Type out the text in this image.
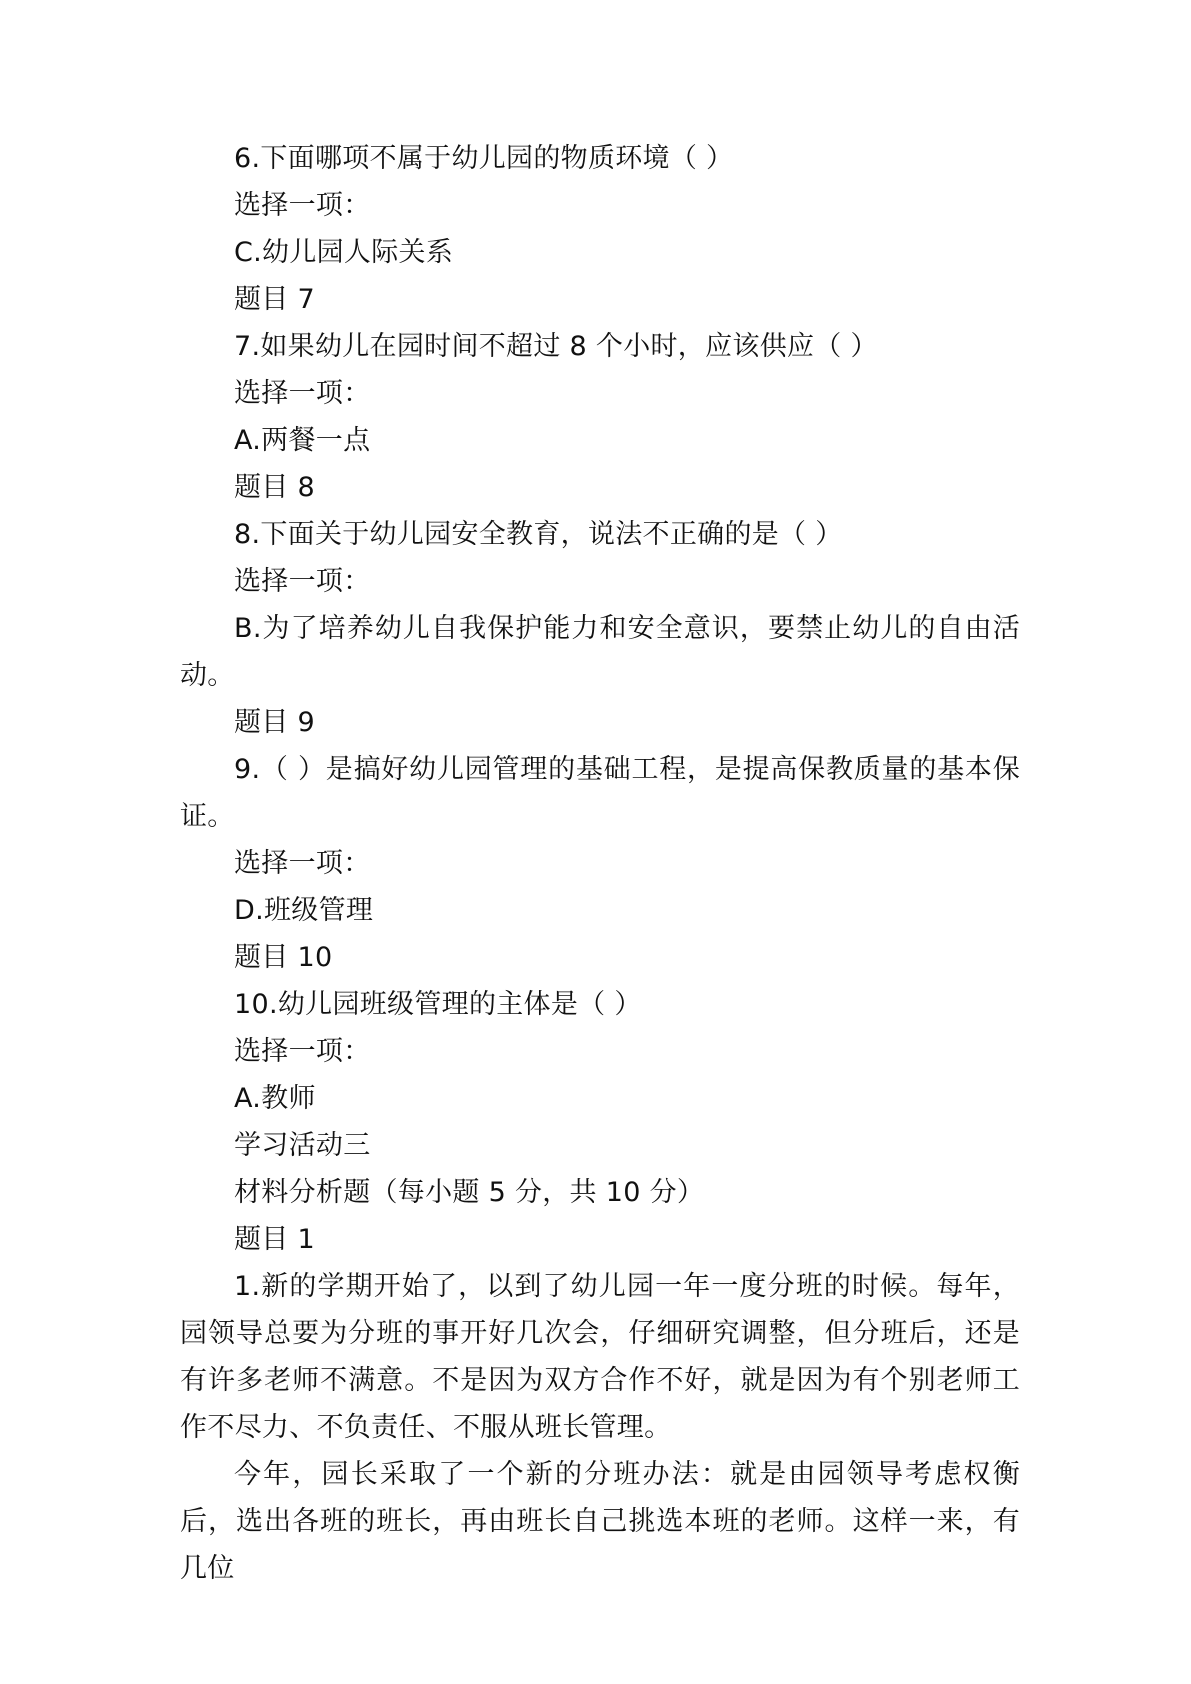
6.下面哪项不属于幼儿园的物质环境（ ）

选择一项：

C.幼儿园人际关系

题目 7

7.如果幼儿在园时间不超过 8 个小时，应该供应（ ）

选择一项：

A.两餐一点

题目 8

8.下面关于幼儿园安全教育，说法不正确的是（ ）

选择一项：

B.为了培养幼儿自我保护能力和安全意识，要禁止幼儿的自由活动。

题目 9

9.（ ）是搞好幼儿园管理的基础工程，是提高保教质量的基本保证。

选择一项：

D.班级管理

题目 10

10.幼儿园班级管理的主体是（ ）

选择一项：

A.教师

学习活动三

材料分析题（每小题 5 分，共 10 分）

题目 1

1.新的学期开始了，以到了幼儿园一年一度分班的时候。每年，园领导总要为分班的事开好几次会，仔细研究调整，但分班后，还是有许多老师不满意。不是因为双方合作不好，就是因为有个别老师工作不尽力、不负责任、不服从班长管理。

今年，园长采取了一个新的分班办法：就是由园领导考虑权衡后，选出各班的班长，再由班长自己挑选本班的老师。这样一来，有几位
